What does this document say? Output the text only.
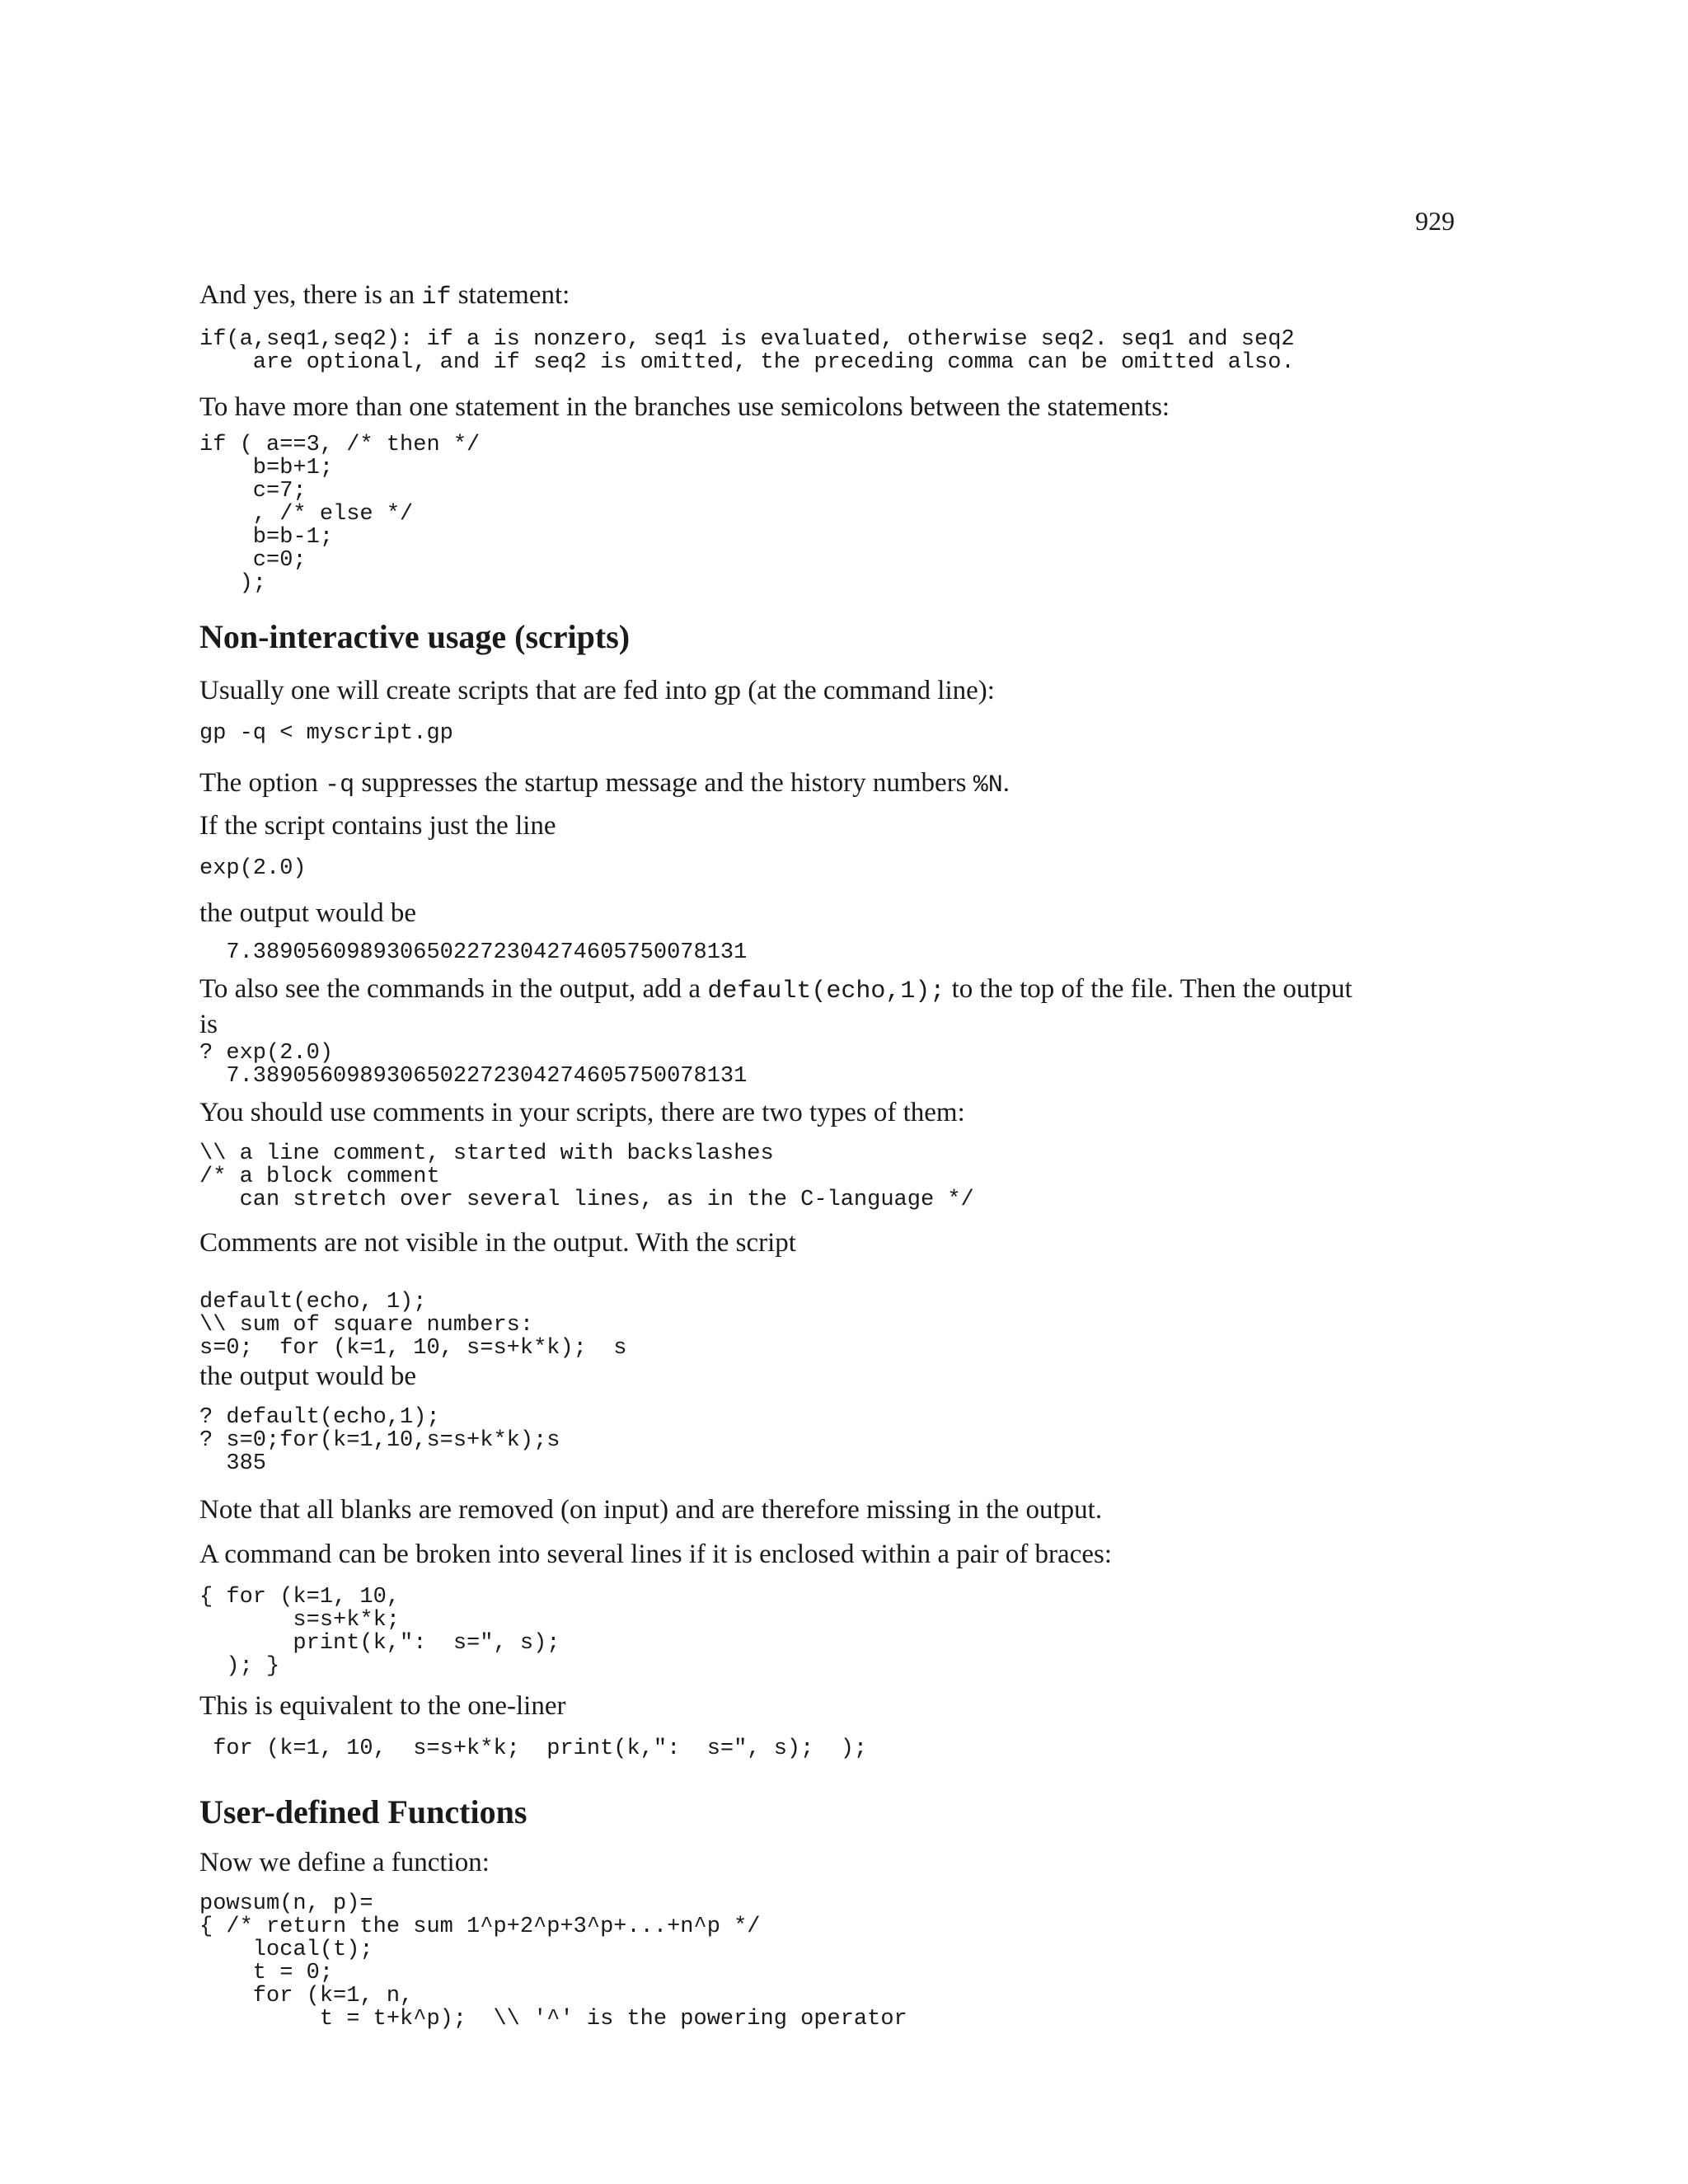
929

And yes, there is an if statement:

if(a,seq1,seq2): if a is nonzero, seq1 is evaluated, otherwise seq2. seq1 and seq2
are optional, and if seq2 is omitted, the preceding comma can be omitted also.

To have more than one statement in the branches use semicolons between the statements:

if ( a==3, /* then */
b=b+1;
c=7;
, /* else */
b=b-1;
c=0;
);
Non-interactive usage (scripts)

Usually one will create scripts that are fed into gp (at the command line):

gp -q < myscript.gp

The option -q suppresses the startup message and the history numbers %N.

If the script contains just the line

exp(2.0)

the output would be

7.3890560989306502272304274605750078131

To also see the commands in the output, add a default(echo,1); to the top of the file. Then the output
is

? exp(2.0)
7.3890560989306502272304274605750078131

You should use comments in your scripts, there are two types of them:

\\ a line comment, started with backslashes
/* a block comment
can stretch over several lines, as in the C-language */

Comments are not visible in the output. With the script

default(echo, 1);
\\ sum of square numbers:
s=0;  for (k=1, 10, s=s+k*k);  s

the output would be

? default(echo,1);
? s=0;for(k=1,10,s=s+k*k);s
385

Note that all blanks are removed (on input) and are therefore missing in the output.

A command can be broken into several lines if it is enclosed within a pair of braces:

{ for (k=1, 10,
s=s+k*k;
print(k,":  s=", s);
); }

This is equivalent to the one-liner

for (k=1, 10,  s=s+k*k;  print(k,":  s=", s);  );
User-defined Functions

Now we define a function:

powsum(n, p)=
{ /* return the sum 1^p+2^p+3^p+...+n^p */
local(t);
t = 0;
for (k=1, n,
t = t+k^p);  \\ '^' is the powering operator
